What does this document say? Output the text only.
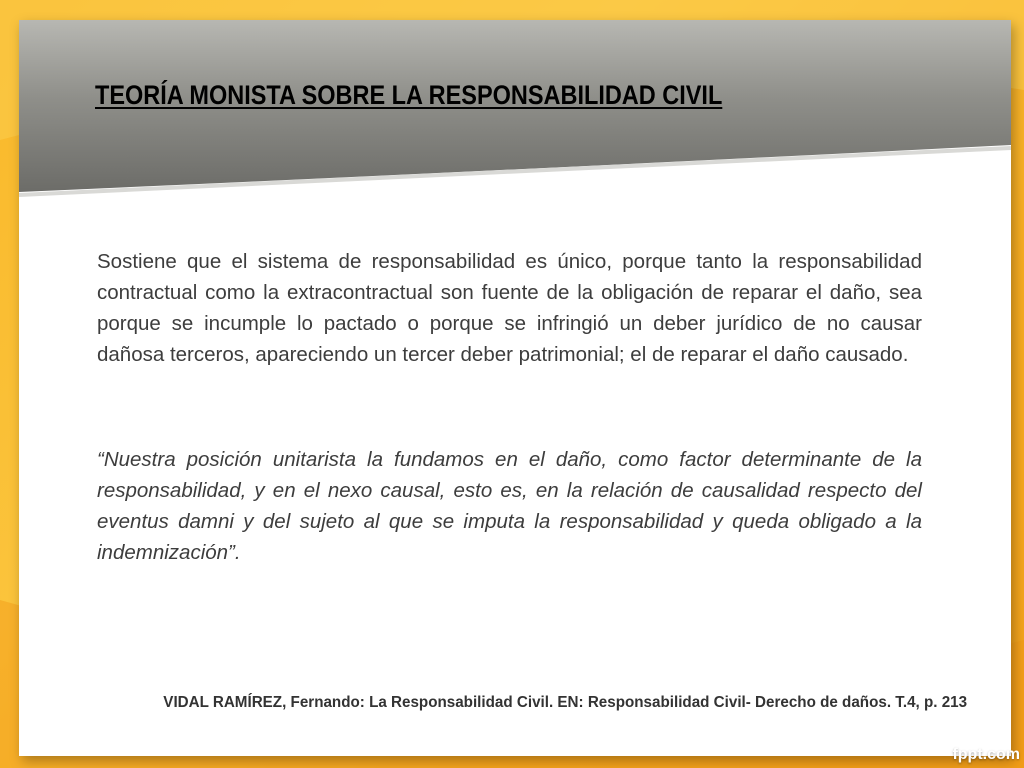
TEORÍA MONISTA SOBRE LA RESPONSABILIDAD CIVIL

Sostiene que el sistema de responsabilidad es único, porque tanto la responsabilidad contractual como la extracontractual son fuente de la obligación de reparar el daño, sea porque se incumple lo pactado o porque se infringió un deber jurídico de no causar dañosa terceros, apareciendo un tercer deber patrimonial; el de reparar el daño causado.

“Nuestra posición unitarista la fundamos en el daño, como factor determinante de la responsabilidad, y en el nexo causal, esto es, en la relación de causalidad respecto del eventus damni y del sujeto al que se imputa la responsabilidad y queda obligado a la indemnización”.

VIDAL RAMÍREZ, Fernando: La Responsabilidad Civil. EN: Responsabilidad Civil- Derecho de daños. T.4, p. 213

fppt.com
